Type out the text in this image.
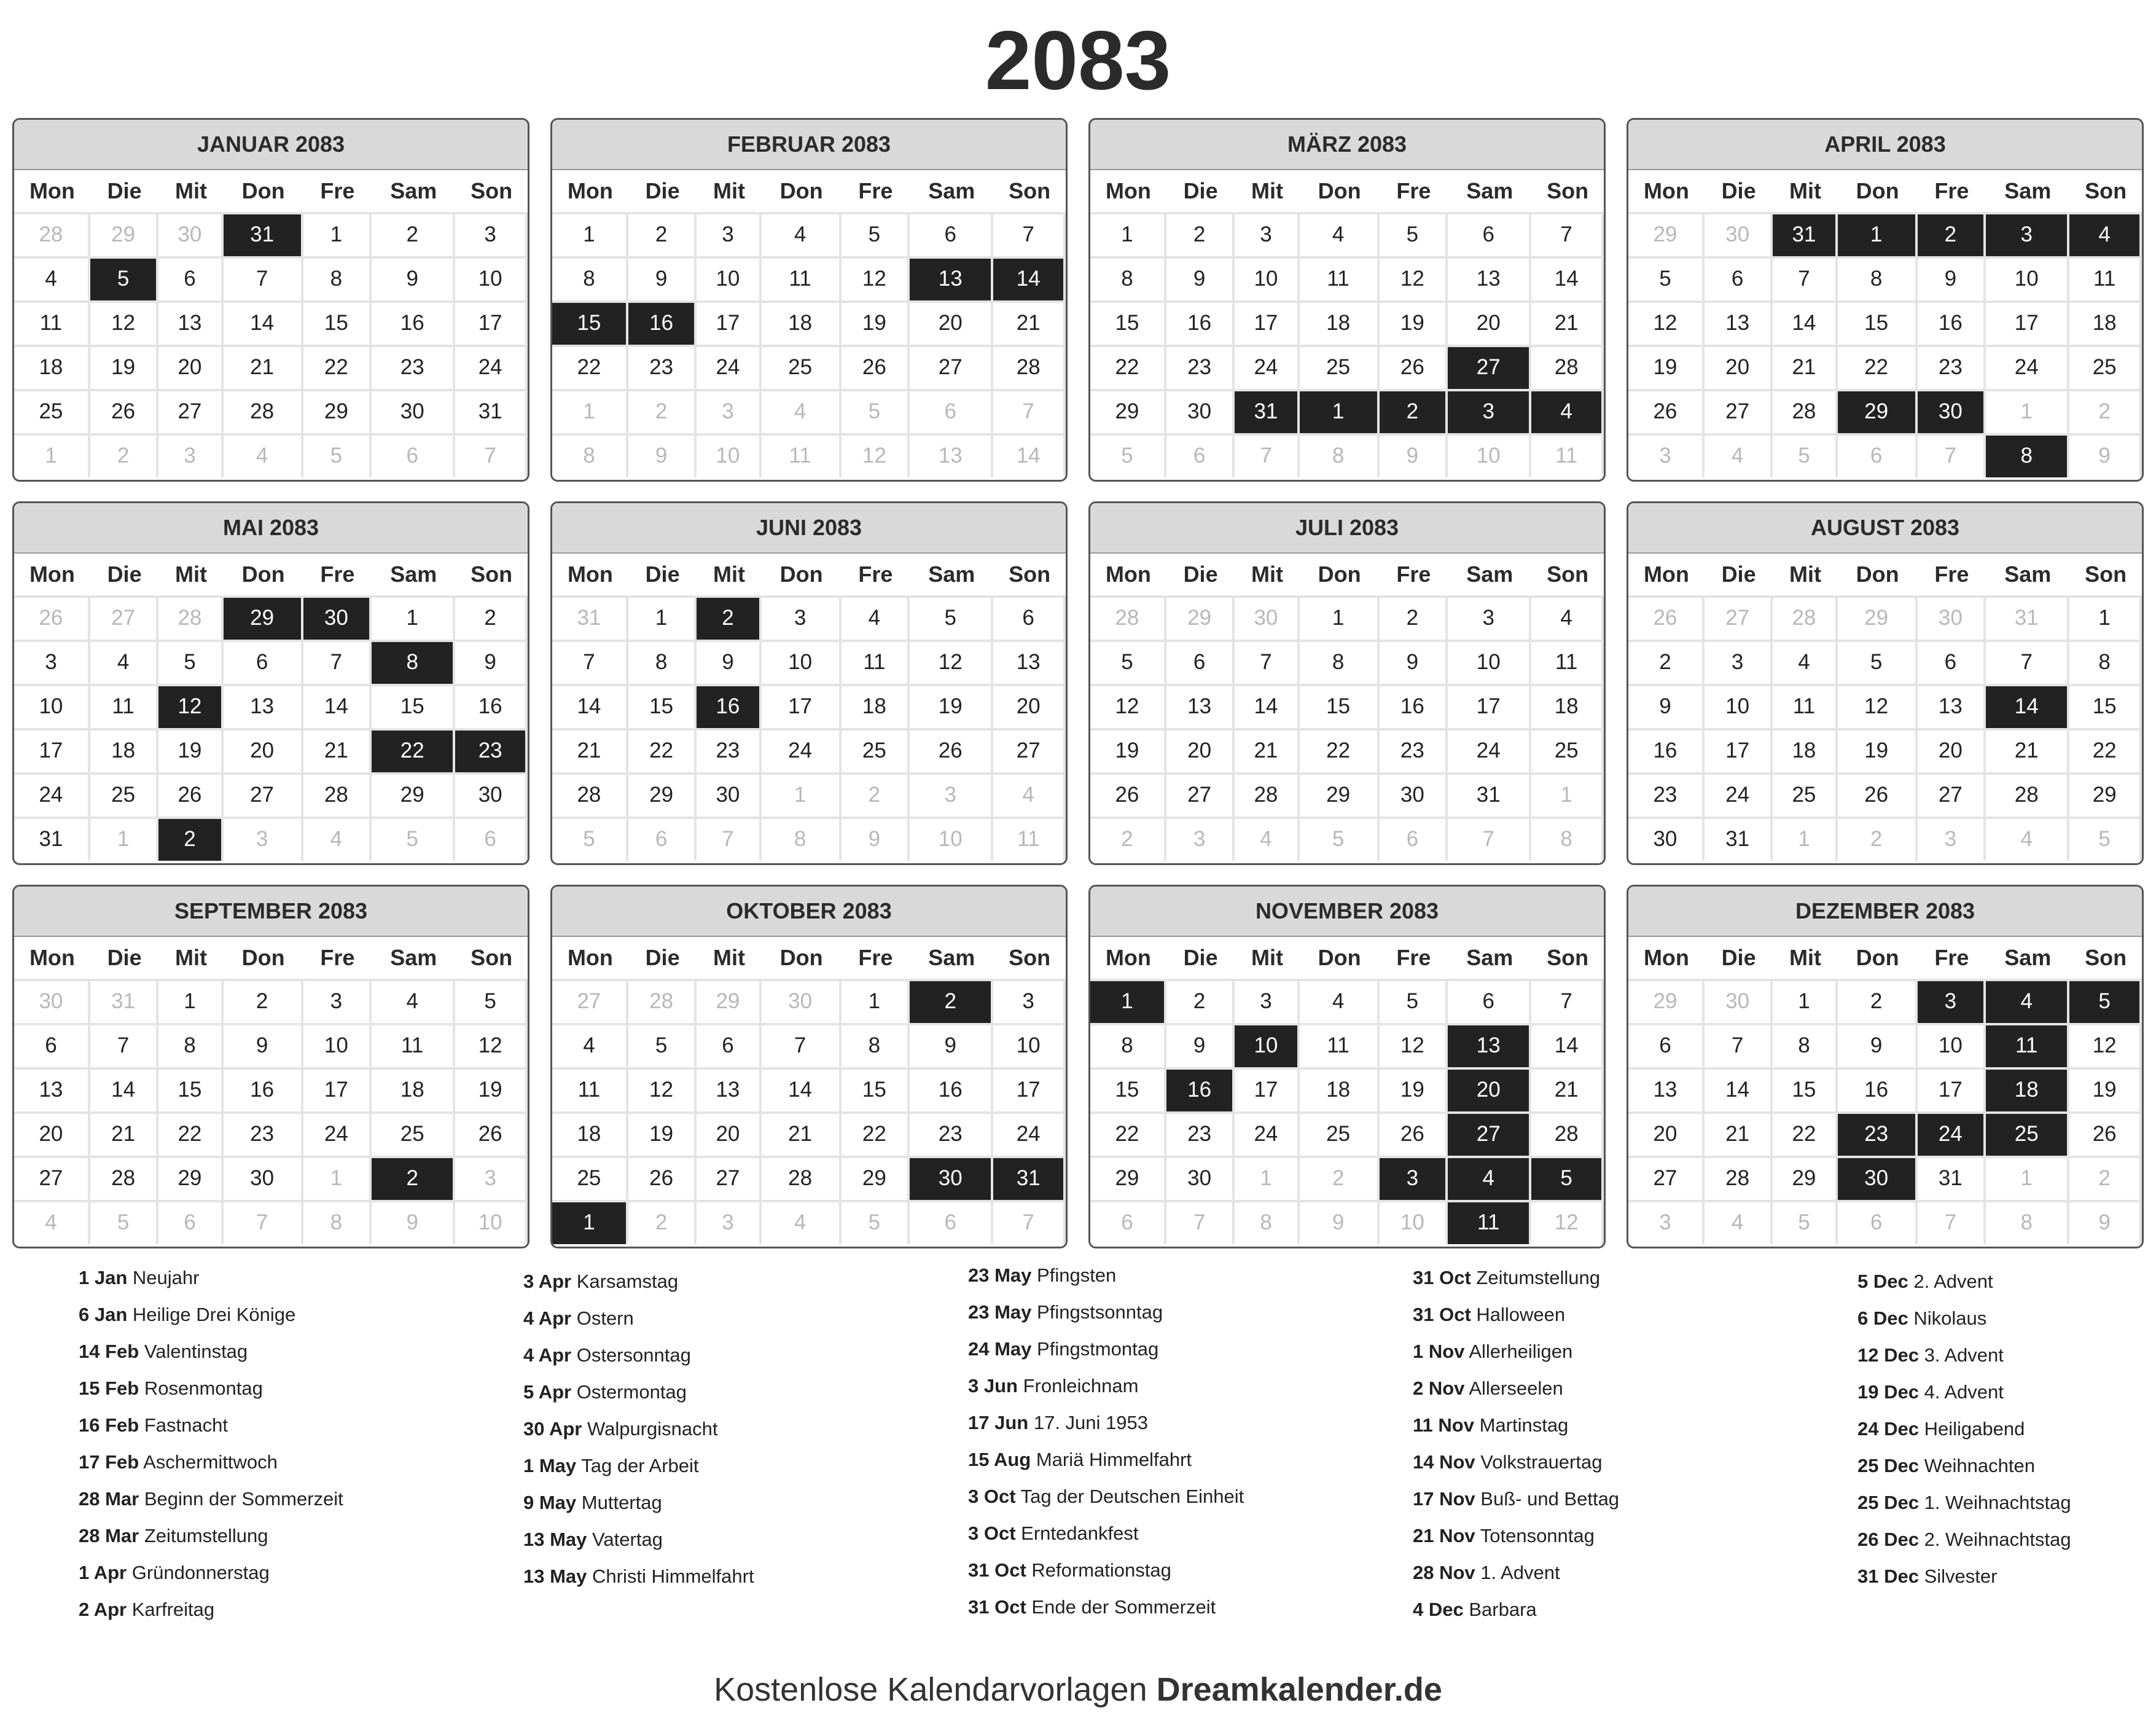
2083
JANUAR 2083
Mon	Die	Mit	Don	Fre	Sam	Son
28	29	30	31	1	2	3
4	5	6	7	8	9	10
11	12	13	14	15	16	17
18	19	20	21	22	23	24
25	26	27	28	29	30	31
1	2	3	4	5	6	7
FEBRUAR 2083
Mon	Die	Mit	Don	Fre	Sam	Son
1	2	3	4	5	6	7
8	9	10	11	12	13	14
15	16	17	18	19	20	21
22	23	24	25	26	27	28
1	2	3	4	5	6	7
8	9	10	11	12	13	14
MÄRZ 2083
Mon	Die	Mit	Don	Fre	Sam	Son
1	2	3	4	5	6	7
8	9	10	11	12	13	14
15	16	17	18	19	20	21
22	23	24	25	26	27	28
29	30	31	1	2	3	4
5	6	7	8	9	10	11
APRIL 2083
Mon	Die	Mit	Don	Fre	Sam	Son
29	30	31	1	2	3	4
5	6	7	8	9	10	11
12	13	14	15	16	17	18
19	20	21	22	23	24	25
26	27	28	29	30	1	2
3	4	5	6	7	8	9
MAI 2083
Mon	Die	Mit	Don	Fre	Sam	Son
26	27	28	29	30	1	2
3	4	5	6	7	8	9
10	11	12	13	14	15	16
17	18	19	20	21	22	23
24	25	26	27	28	29	30
31	1	2	3	4	5	6
JUNI 2083
Mon	Die	Mit	Don	Fre	Sam	Son
31	1	2	3	4	5	6
7	8	9	10	11	12	13
14	15	16	17	18	19	20
21	22	23	24	25	26	27
28	29	30	1	2	3	4
5	6	7	8	9	10	11
JULI 2083
Mon	Die	Mit	Don	Fre	Sam	Son
28	29	30	1	2	3	4
5	6	7	8	9	10	11
12	13	14	15	16	17	18
19	20	21	22	23	24	25
26	27	28	29	30	31	1
2	3	4	5	6	7	8
AUGUST 2083
Mon	Die	Mit	Don	Fre	Sam	Son
26	27	28	29	30	31	1
2	3	4	5	6	7	8
9	10	11	12	13	14	15
16	17	18	19	20	21	22
23	24	25	26	27	28	29
30	31	1	2	3	4	5
SEPTEMBER 2083
Mon	Die	Mit	Don	Fre	Sam	Son
30	31	1	2	3	4	5
6	7	8	9	10	11	12
13	14	15	16	17	18	19
20	21	22	23	24	25	26
27	28	29	30	1	2	3
4	5	6	7	8	9	10
OKTOBER 2083
Mon	Die	Mit	Don	Fre	Sam	Son
27	28	29	30	1	2	3
4	5	6	7	8	9	10
11	12	13	14	15	16	17
18	19	20	21	22	23	24
25	26	27	28	29	30	31
1	2	3	4	5	6	7
NOVEMBER 2083
Mon	Die	Mit	Don	Fre	Sam	Son
1	2	3	4	5	6	7
8	9	10	11	12	13	14
15	16	17	18	19	20	21
22	23	24	25	26	27	28
29	30	1	2	3	4	5
6	7	8	9	10	11	12
DEZEMBER 2083
Mon	Die	Mit	Don	Fre	Sam	Son
29	30	1	2	3	4	5
6	7	8	9	10	11	12
13	14	15	16	17	18	19
20	21	22	23	24	25	26
27	28	29	30	31	1	2
3	4	5	6	7	8	9
1 Jan Neujahr
6 Jan Heilige Drei Könige
14 Feb Valentinstag
15 Feb Rosenmontag
16 Feb Fastnacht
17 Feb Aschermittwoch
28 Mar Beginn der Sommerzeit
28 Mar Zeitumstellung
1 Apr Gründonnerstag
2 Apr Karfreitag
3 Apr Karsamstag
4 Apr Ostern
4 Apr Ostersonntag
5 Apr Ostermontag
30 Apr Walpurgisnacht
1 May Tag der Arbeit
9 May Muttertag
13 May Vatertag
13 May Christi Himmelfahrt
23 May Pfingsten
23 May Pfingstsonntag
24 May Pfingstmontag
3 Jun Fronleichnam
17 Jun 17. Juni 1953
15 Aug Mariä Himmelfahrt
3 Oct Tag der Deutschen Einheit
3 Oct Erntedankfest
31 Oct Reformationstag
31 Oct Ende der Sommerzeit
31 Oct Zeitumstellung
31 Oct Halloween
1 Nov Allerheiligen
2 Nov Allerseelen
11 Nov Martinstag
14 Nov Volkstrauertag
17 Nov Buß- und Bettag
21 Nov Totensonntag
28 Nov 1. Advent
4 Dec Barbara
5 Dec 2. Advent
6 Dec Nikolaus
12 Dec 3. Advent
19 Dec 4. Advent
24 Dec Heiligabend
25 Dec Weihnachten
25 Dec 1. Weihnachtstag
26 Dec 2. Weihnachtstag
31 Dec Silvester
Kostenlose Kalendarvorlagen Dreamkalender.de
